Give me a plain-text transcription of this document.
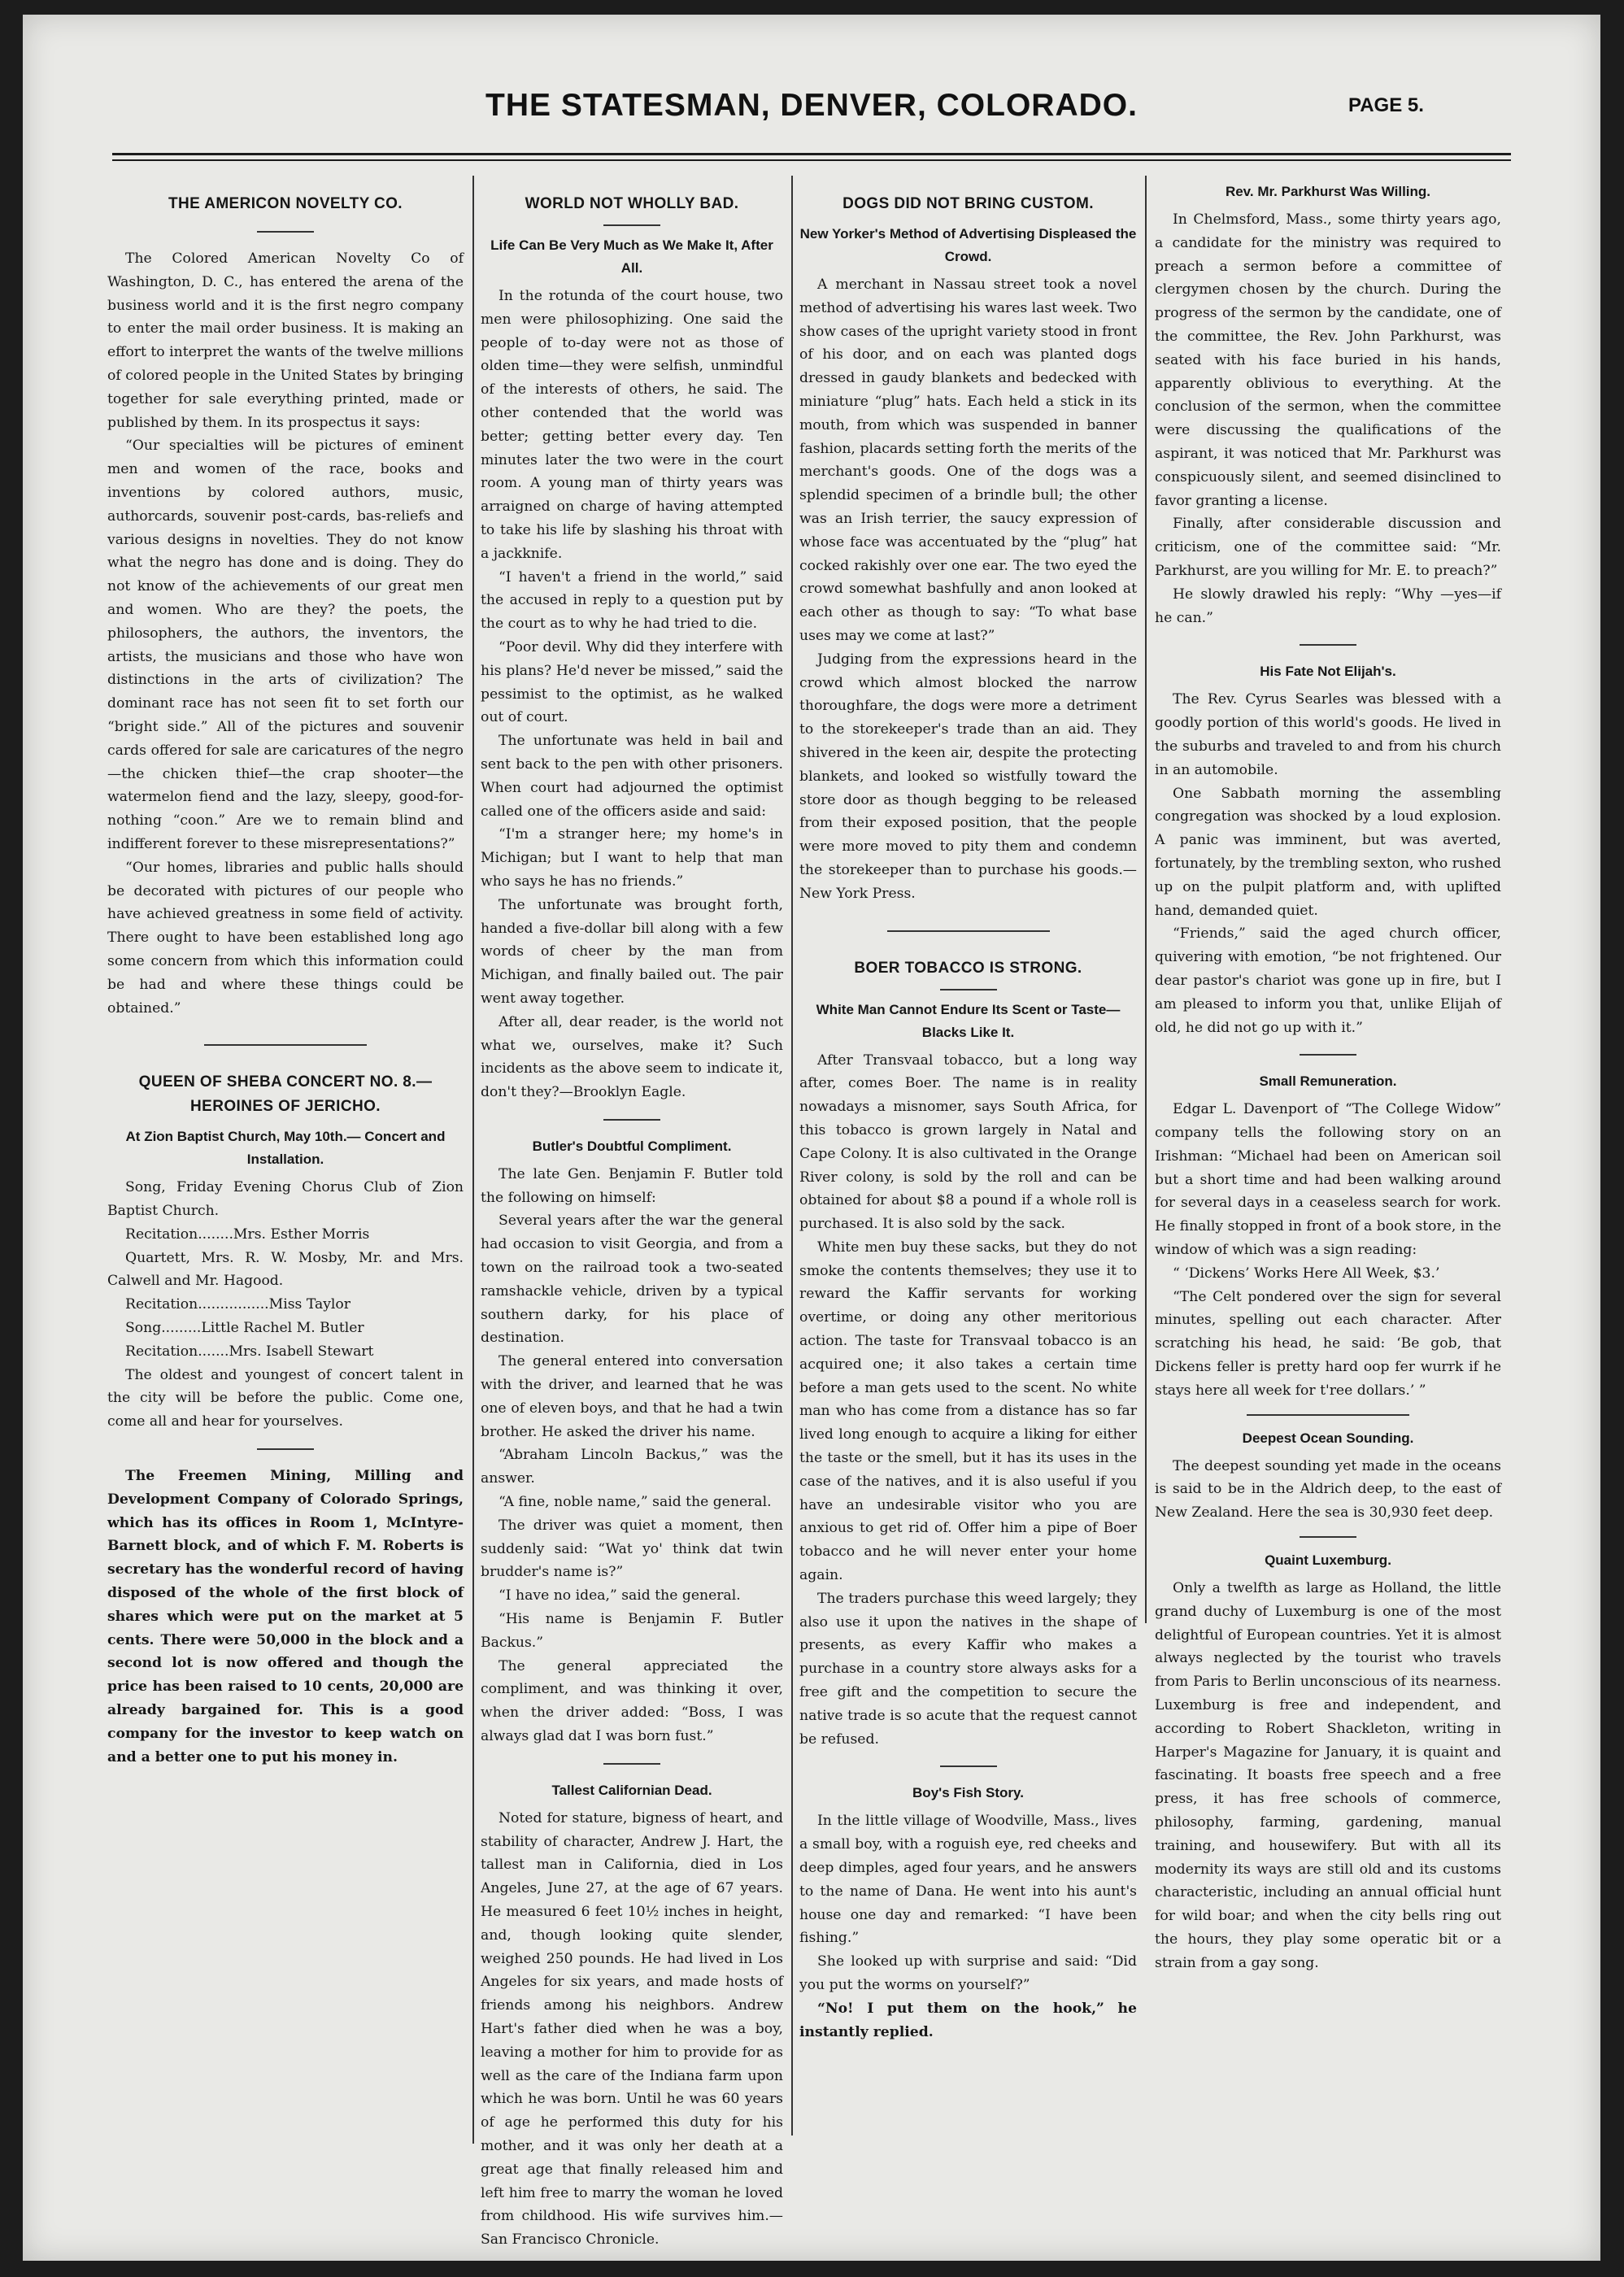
THE STATESMAN, DENVER, COLORADO.	PAGE 5.
THE AMERICON NOVELTY CO.

The Colored American Novelty Co of Washington, D. C., has entered the arena of the business world and it is the first negro company to enter the mail order business. It is making an effort to interpret the wants of the twelve millions of colored people in the United States by bringing together for sale everything printed, made or published by them. In its prospectus it says:

“Our specialties will be pictures of eminent men and women of the race, books and inventions by colored authors, music, authorcards, souvenir post-cards, bas-reliefs and various designs in novelties. They do not know what the negro has done and is doing. They do not know of the achievements of our great men and women. Who are they? the poets, the philosophers, the authors, the inventors, the artists, the musicians and those who have won distinctions in the arts of civilization? The dominant race has not seen fit to set forth our “bright side.” All of the pictures and souvenir cards offered for sale are caricatures of the negro—the chicken thief—the crap shooter—the watermelon fiend and the lazy, sleepy, good-for-nothing “coon.” Are we to remain blind and indifferent forever to these misrepresentations?”

“Our homes, libraries and public halls should be decorated with pictures of our people who have achieved greatness in some field of activity. There ought to have been established long ago some concern from which this information could be had and where these things could be obtained.”

QUEEN OF SHEBA CONCERT NO. 8.—HEROINES OF JERICHO.
At Zion Baptist Church, May 10th.— Concert and Installation.

Song, Friday Evening Chorus Club of Zion Baptist Church.

Recitation........Mrs. Esther Morris

Quartett, Mrs. R. W. Mosby, Mr. and Mrs. Calwell and Mr. Hagood.

Recitation................Miss Taylor

Song.........Little Rachel M. Butler

Recitation.......Mrs. Isabell Stewart

The oldest and youngest of concert talent in the city will be before the public. Come one, come all and hear for yourselves.

The Freemen Mining, Milling and Development Company of Colorado Springs, which has its offices in Room 1, McIntyre-Barnett block, and of which F. M. Roberts is secretary has the wonderful record of having disposed of the whole of the first block of shares which were put on the market at 5 cents. There were 50,000 in the block and a second lot is now offered and though the price has been raised to 10 cents, 20,000 are already bargained for. This is a good company for the investor to keep watch on and a better one to put his money in.

WORLD NOT WHOLLY BAD.
Life Can Be Very Much as We Make It, After All.

In the rotunda of the court house, two men were philosophizing. One said the people of to-day were not as those of olden time—they were selfish, unmindful of the interests of others, he said. The other contended that the world was better; getting better every day. Ten minutes later the two were in the court room. A young man of thirty years was arraigned on charge of having attempted to take his life by slashing his throat with a jackknife.

“I haven't a friend in the world,” said the accused in reply to a question put by the court as to why he had tried to die.

“Poor devil. Why did they interfere with his plans? He'd never be missed,” said the pessimist to the optimist, as he walked out of court.

The unfortunate was held in bail and sent back to the pen with other prisoners. When court had adjourned the optimist called one of the officers aside and said:

“I'm a stranger here; my home's in Michigan; but I want to help that man who says he has no friends.”

The unfortunate was brought forth, handed a five-dollar bill along with a few words of cheer by the man from Michigan, and finally bailed out. The pair went away together.

After all, dear reader, is the world not what we, ourselves, make it? Such incidents as the above seem to indicate it, don't they?—Brooklyn Eagle.

Butler's Doubtful Compliment.

The late Gen. Benjamin F. Butler told the following on himself:

Several years after the war the general had occasion to visit Georgia, and from a town on the railroad took a two-seated ramshackle vehicle, driven by a typical southern darky, for his place of destination.

The general entered into conversation with the driver, and learned that he was one of eleven boys, and that he had a twin brother. He asked the driver his name.

“Abraham Lincoln Backus,” was the answer.

“A fine, noble name,” said the general.

The driver was quiet a moment, then suddenly said: “Wat yo' think dat twin brudder's name is?”

“I have no idea,” said the general.

“His name is Benjamin F. Butler Backus.”

The general appreciated the compliment, and was thinking it over, when the driver added: “Boss, I was always glad dat I was born fust.”

Tallest Californian Dead.

Noted for stature, bigness of heart, and stability of character, Andrew J. Hart, the tallest man in California, died in Los Angeles, June 27, at the age of 67 years. He measured 6 feet 10½ inches in height, and, though looking quite slender, weighed 250 pounds. He had lived in Los Angeles for six years, and made hosts of friends among his neighbors. Andrew Hart's father died when he was a boy, leaving a mother for him to provide for as well as the care of the Indiana farm upon which he was born. Until he was 60 years of age he performed this duty for his mother, and it was only her death at a great age that finally released him and left him free to marry the woman he loved from childhood. His wife survives him.—San Francisco Chronicle.

DOGS DID NOT BRING CUSTOM.
New Yorker's Method of Advertising Displeased the Crowd.

A merchant in Nassau street took a novel method of advertising his wares last week. Two show cases of the upright variety stood in front of his door, and on each was planted dogs dressed in gaudy blankets and bedecked with miniature “plug” hats. Each held a stick in its mouth, from which was suspended in banner fashion, placards setting forth the merits of the merchant's goods. One of the dogs was a splendid specimen of a brindle bull; the other was an Irish terrier, the saucy expression of whose face was accentuated by the “plug” hat cocked rakishly over one ear. The two eyed the crowd somewhat bashfully and anon looked at each other as though to say: “To what base uses may we come at last?”

Judging from the expressions heard in the crowd which almost blocked the narrow thoroughfare, the dogs were more a detriment to the storekeeper's trade than an aid. They shivered in the keen air, despite the protecting blankets, and looked so wistfully toward the store door as though begging to be released from their exposed position, that the people were more moved to pity them and condemn the storekeeper than to purchase his goods.—New York Press.

BOER TOBACCO IS STRONG.
White Man Cannot Endure Its Scent or Taste—Blacks Like It.

After Transvaal tobacco, but a long way after, comes Boer. The name is in reality nowadays a misnomer, says South Africa, for this tobacco is grown largely in Natal and Cape Colony. It is also cultivated in the Orange River colony, is sold by the roll and can be obtained for about $8 a pound if a whole roll is purchased. It is also sold by the sack.

White men buy these sacks, but they do not smoke the contents themselves; they use it to reward the Kaffir servants for working overtime, or doing any other meritorious action. The taste for Transvaal tobacco is an acquired one; it also takes a certain time before a man gets used to the scent. No white man who has come from a distance has so far lived long enough to acquire a liking for either the taste or the smell, but it has its uses in the case of the natives, and it is also useful if you have an undesirable visitor who you are anxious to get rid of. Offer him a pipe of Boer tobacco and he will never enter your home again.

The traders purchase this weed largely; they also use it upon the natives in the shape of presents, as every Kaffir who makes a purchase in a country store always asks for a free gift and the competition to secure the native trade is so acute that the request cannot be refused.

Boy's Fish Story.

In the little village of Woodville, Mass., lives a small boy, with a roguish eye, red cheeks and deep dimples, aged four years, and he answers to the name of Dana. He went into his aunt's house one day and remarked: “I have been fishing.”

She looked up with surprise and said: “Did you put the worms on yourself?”

“No! I put them on the hook,” he instantly replied.

Rev. Mr. Parkhurst Was Willing.

In Chelmsford, Mass., some thirty years ago, a candidate for the ministry was required to preach a sermon before a committee of clergymen chosen by the church. During the progress of the sermon by the candidate, one of the committee, the Rev. John Parkhurst, was seated with his face buried in his hands, apparently oblivious to everything. At the conclusion of the sermon, when the committee were discussing the qualifications of the aspirant, it was noticed that Mr. Parkhurst was conspicuously silent, and seemed disinclined to favor granting a license.

Finally, after considerable discussion and criticism, one of the committee said: “Mr. Parkhurst, are you willing for Mr. E. to preach?”

He slowly drawled his reply: “Why —yes—if he can.”

His Fate Not Elijah's.

The Rev. Cyrus Searles was blessed with a goodly portion of this world's goods. He lived in the suburbs and traveled to and from his church in an automobile.

One Sabbath morning the assembling congregation was shocked by a loud explosion. A panic was imminent, but was averted, fortunately, by the trembling sexton, who rushed up on the pulpit platform and, with uplifted hand, demanded quiet.

“Friends,” said the aged church officer, quivering with emotion, “be not frightened. Our dear pastor's chariot was gone up in fire, but I am pleased to inform you that, unlike Elijah of old, he did not go up with it.”

Small Remuneration.

Edgar L. Davenport of “The College Widow” company tells the following story on an Irishman: “Michael had been on American soil but a short time and had been walking around for several days in a ceaseless search for work. He finally stopped in front of a book store, in the window of which was a sign reading:

“ ‘Dickens’ Works Here All Week, $3.’

“The Celt pondered over the sign for several minutes, spelling out each character. After scratching his head, he said: ‘Be gob, that Dickens feller is pretty hard oop fer wurrk if he stays here all week for t'ree dollars.’ ”

Deepest Ocean Sounding.

The deepest sounding yet made in the oceans is said to be in the Aldrich deep, to the east of New Zealand. Here the sea is 30,930 feet deep.

Quaint Luxemburg.

Only a twelfth as large as Holland, the little grand duchy of Luxemburg is one of the most delightful of European countries. Yet it is almost always neglected by the tourist who travels from Paris to Berlin unconscious of its nearness. Luxemburg is free and independent, and according to Robert Shackleton, writing in Harper's Magazine for January, it is quaint and fascinating. It boasts free speech and a free press, it has free schools of commerce, philosophy, farming, gardening, manual training, and housewifery. But with all its modernity its ways are still old and its customs characteristic, including an annual official hunt for wild boar; and when the city bells ring out the hours, they play some operatic bit or a strain from a gay song.
